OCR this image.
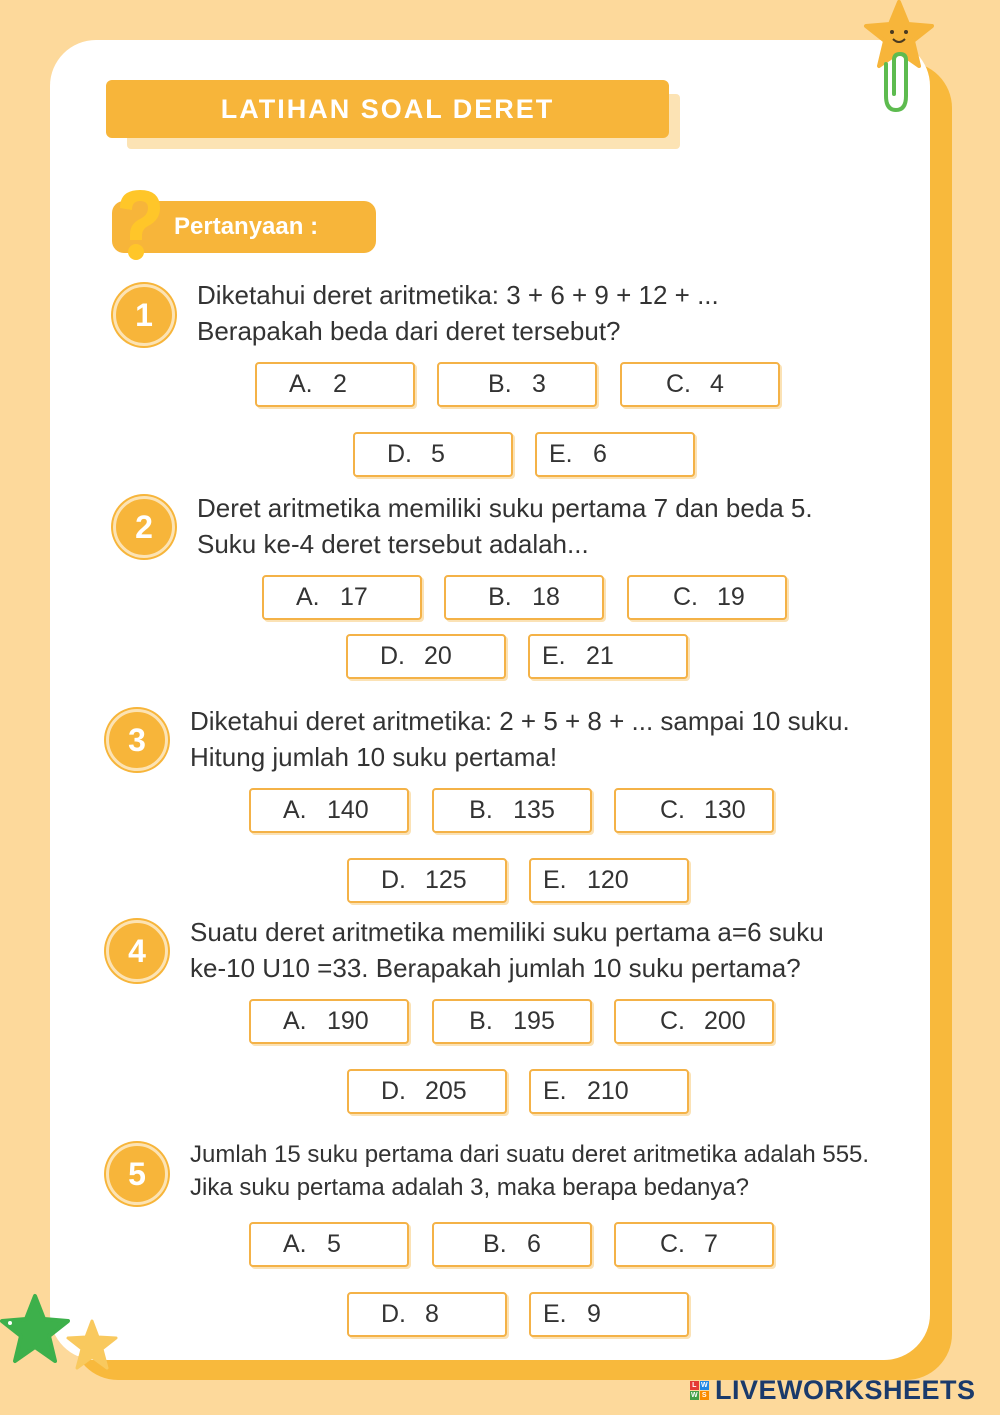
LATIHAN SOAL DERET
Pertanyaan :
1

Diketahui deret aritmetika: 3 + 6 + 9 + 12 + ...

Berapakah beda dari deret tersebut?

A. 2	B. 3	C. 4
D. 5	E. 6
2

Deret aritmetika memiliki suku pertama 7 dan beda 5.

Suku ke-4 deret tersebut adalah...

A. 17	B. 18	C. 19
D. 20	E. 21
3

Diketahui deret aritmetika: 2 + 5 + 8 + ... sampai 10 suku.

Hitung jumlah 10 suku pertama!

A. 140	B. 135	C. 130
D. 125	E. 120
4

Suatu deret aritmetika memiliki suku pertama a=6 suku

ke-10 U10 =33. Berapakah jumlah 10 suku pertama?

A. 190	B. 195	C. 200
D. 205	E. 210
5

Jumlah 15 suku pertama dari suatu deret aritmetika adalah 555.

Jika suku pertama adalah 3, maka berapa bedanya?

A. 5	B. 6	C. 7
D. 8	E. 9
L W
W S LIVEWORKSHEETS
